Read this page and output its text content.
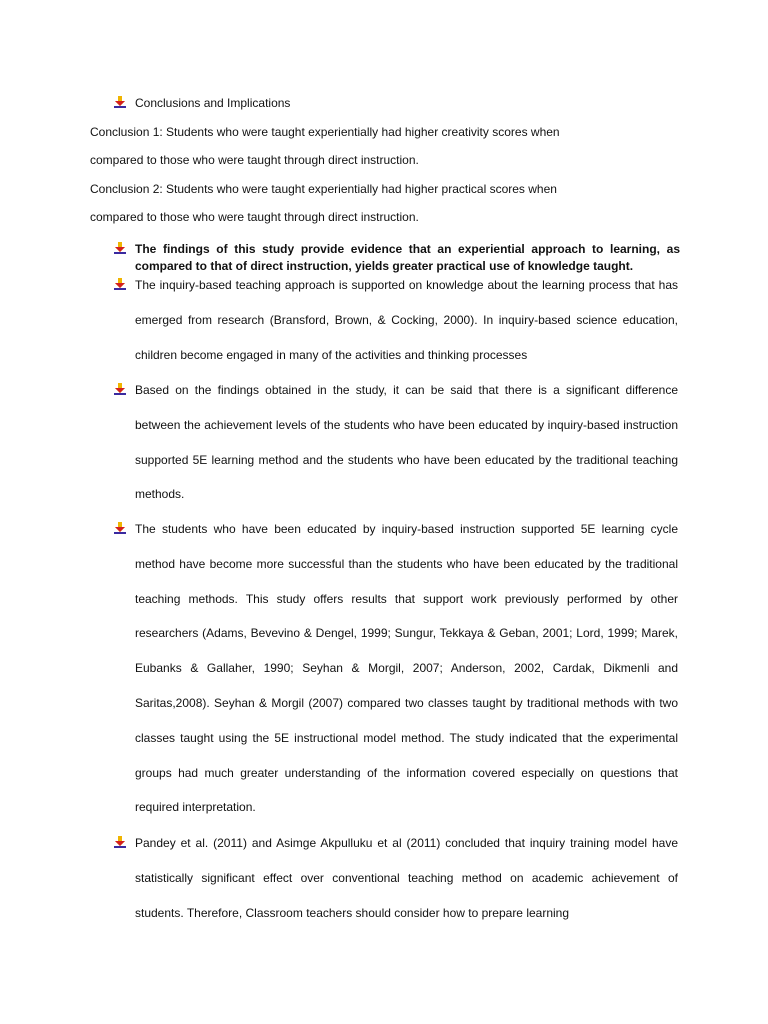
Conclusions and Implications
Conclusion 1: Students who were taught experientially had higher creativity scores when
compared to those who were taught through direct instruction.
Conclusion 2: Students who were taught experientially had higher practical scores when
compared to those who were taught through direct instruction.

The findings of this study provide evidence that an experiential approach to learning, as compared to that of direct instruction, yields greater practical use of knowledge taught.

The inquiry-based teaching approach is supported on knowledge about the learning process that has emerged from research (Bransford, Brown, & Cocking, 2000). In inquiry-based science education, children become engaged in many of the activities and thinking processes

Based on the findings obtained in the study, it can be said that there is a significant difference between the achievement levels of the students who have been educated by inquiry-based instruction supported 5E learning method and the students who have been educated by the traditional teaching methods.

The students who have been educated by inquiry-based instruction supported 5E learning cycle method have become more successful than the students who have been educated by the traditional teaching methods. This study offers results that support work previously performed by other researchers (Adams, Bevevino & Dengel, 1999; Sungur, Tekkaya & Geban, 2001; Lord, 1999; Marek, Eubanks & Gallaher, 1990; Seyhan & Morgil, 2007; Anderson, 2002, Cardak, Dikmenli and Saritas,2008). Seyhan & Morgil (2007) compared two classes taught by traditional methods with two classes taught using the 5E instructional model method. The study indicated that the experimental groups had much greater understanding of the information covered especially on questions that required interpretation.

Pandey et al. (2011) and Asimge Akpulluku et al (2011) concluded that inquiry training model have statistically significant effect over conventional teaching method on academic achievement of students. Therefore, Classroom teachers should consider how to prepare learning
